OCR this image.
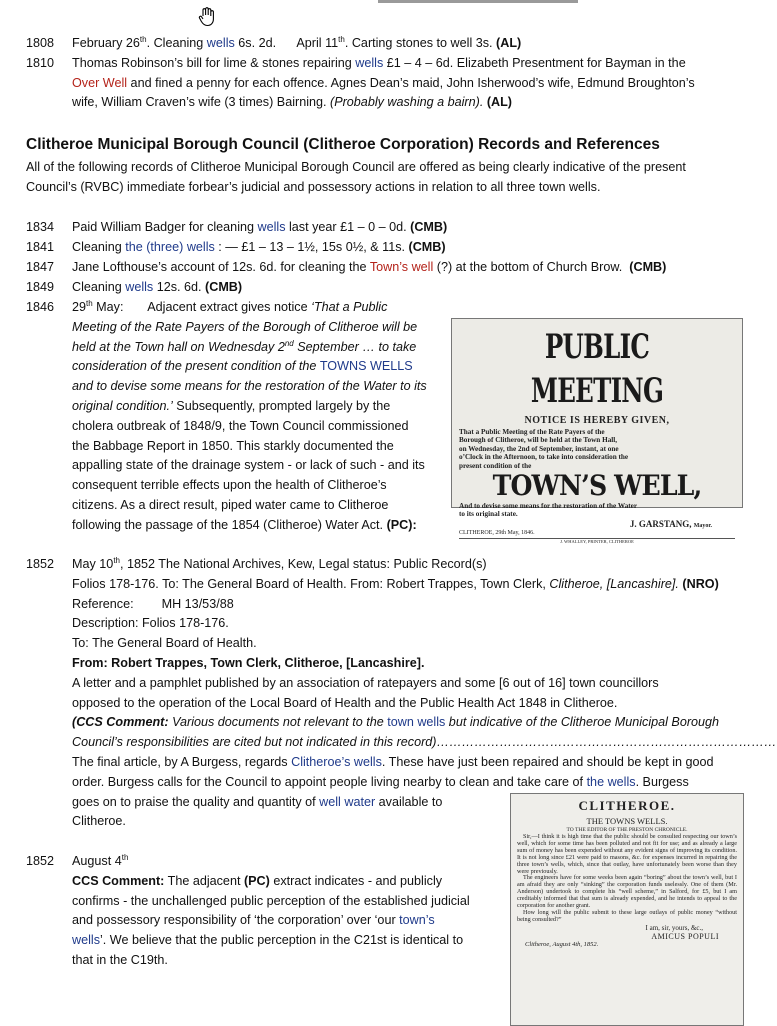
1808	February 26th. Cleaning wells 6s. 2d.      April 11th. Carting stones to well 3s. (AL)
1810	Thomas Robinson’s bill for lime & stones repairing wells £1 – 4 – 6d. Elizabeth Presentment for Bayman in the
Over Well and fined a penny for each offence. Agnes Dean’s maid, John Isherwood’s wife, Edmund Broughton’s
wife, William Craven’s wife (3 times) Bairning. (Probably washing a bairn). (AL)
Clitheroe Municipal Borough Council (Clitheroe Corporation) Records and References
All of the following records of Clitheroe Municipal Borough Council are offered as being clearly indicative of the present
Council’s (RVBC) immediate forbear’s judicial and possessory actions in relation to all three town wells.
1834	Paid William Badger for cleaning wells last year £1 – 0 – 0d. (CMB)
1841	Cleaning the (three) wells : — £1 – 13 – 1½, 15s 0½, & 11s. (CMB)
1847	Jane Lofthouse’s account of 12s. 6d. for cleaning the Town’s well (?) at the bottom of Church Brow.  (CMB)
1849	Cleaning wells 12s. 6d. (CMB)
1846	29th May:       Adjacent extract gives notice ‘That a Public
Meeting of the Rate Payers of the Borough of Clitheroe will be
held at the Town hall on Wednesday 2nd September … to take
consideration of the present condition of the TOWNS WELLS
and to devise some means for the restoration of the Water to its
original condition.’ Subsequently, prompted largely by the
cholera outbreak of 1848/9, the Town Council commissioned
the Babbage Report in 1850. This starkly documented the
appalling state of the drainage system - or lack of such - and its
consequent terrible effects upon the health of Clitheroe’s
citizens. As a direct result, piped water came to Clitheroe
following the passage of the 1854 (Clitheroe) Water Act. (PC):
PUBLIC MEETING
NOTICE IS HEREBY GIVEN,
That a Public Meeting of the Rate Payers of the
Borough of Clitheroe, will be held at the Town Hall,
on Wednesday, the 2nd of September, instant, at one
o’Clock in the Afternoon, to take into consideration the
present condition of the
TOWN’S WELL,
And to devise some means for the restoration of the Water
to its original state.
J. GARSTANG, Mayor.
CLITHEROE, 29th May, 1846.
J. WHALLEY, PRINTER, CLITHEROE
1852	May 10th, 1852 The National Archives, Kew, Legal status: Public Record(s)
Folios 178-176. To: The General Board of Health. From: Robert Trappes, Town Clerk, Clitheroe, [Lancashire]. (NRO)
Reference:        MH 13/53/88
Description: Folios 178-176.
To: The General Board of Health.
From: Robert Trappes, Town Clerk, Clitheroe, [Lancashire].
A letter and a pamphlet published by an association of ratepayers and some [6 out of 16] town councillors
opposed to the operation of the Local Board of Health and the Public Health Act 1848 in Clitheroe.
(CCS Comment: Various documents not relevant to the town wells but indicative of the Clitheroe Municipal Borough
Council’s responsibilities are cited but not indicated in this record)………………………………………………………………………
The final article, by A Burgess, regards Clitheroe’s wells. These have just been repaired and should be kept in good
order. Burgess calls for the Council to appoint people living nearby to clean and take care of the wells. Burgess
goes on to praise the quality and quantity of well water available to
Clitheroe.
1852	August 4th
CCS Comment: The adjacent (PC) extract indicates - and publicly
confirms - the unchallenged public perception of the established judicial
and possessory responsibility of ‘the corporation’ over ‘our town’s
wells’. We believe that the public perception in the C21st is identical to
that in the C19th.
CLITHEROE.
THE TOWNS WELLS.
TO THE EDITOR OF THE PRESTON CHRONICLE.
Sir,—I think it is high time that the public should be consulted respecting our town’s well, which for some time has been polluted and not fit for use; and as already a large sum of money has been expended without any evident signs of improving its condition. It is not long since £21 were paid to masons, &c. for expenses incurred in repairing the three town’s wells, which, since that outlay, have unfortunately been worse than they were previously.
The engineers have for some weeks been again “boring” about the town’s well, but I am afraid they are only “sinking” the corporation funds uselessly. One of them (Mr. Anderson) undertook to complete his “well scheme,” in Salford, for £5, but I am creditably informed that that sum is already expended, and he intends to appeal to the corporation for another grant.
How long will the public submit to these large outlays of public money “without being consulted?”
I am, sir, yours, &c.,
AMICUS POPULI
Clitheroe, August 4th, 1852.
